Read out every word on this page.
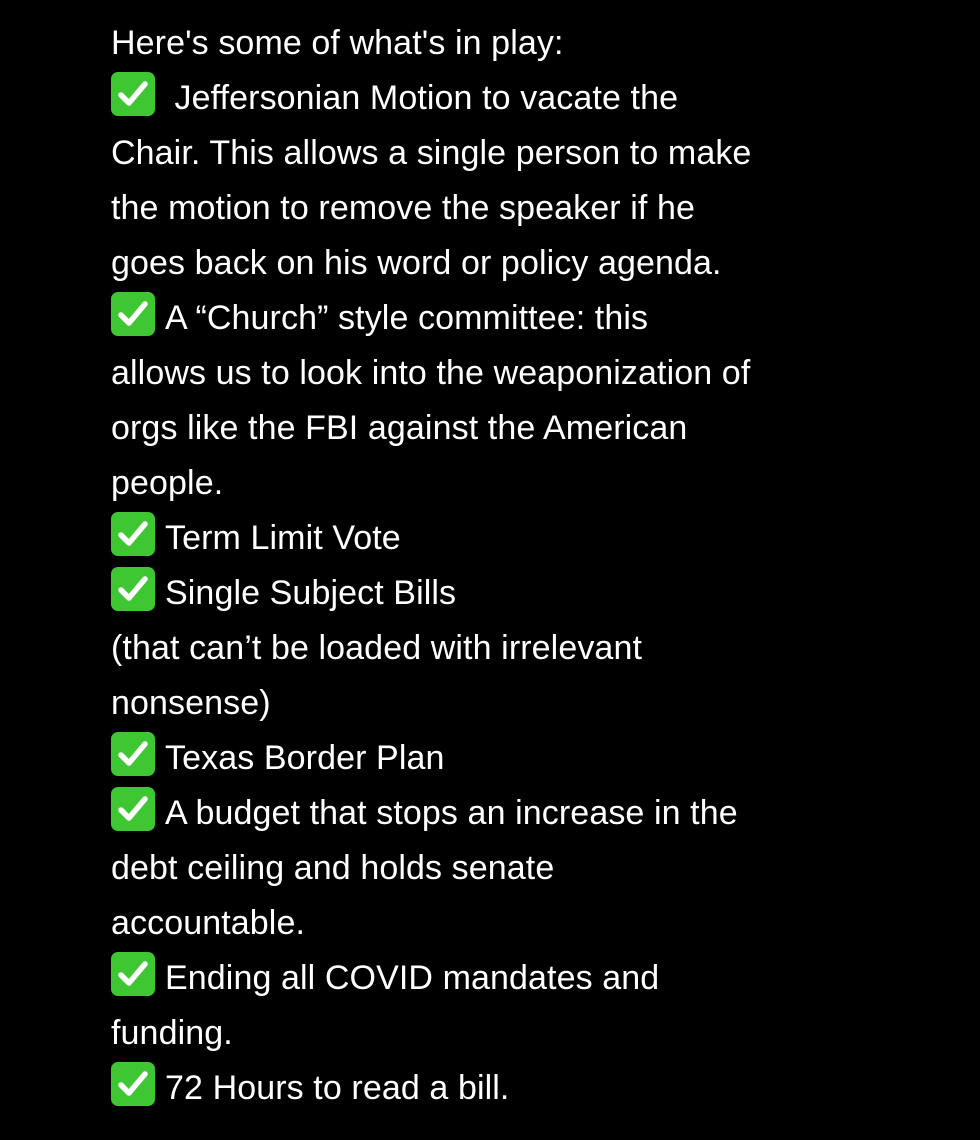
Here's some of what's in play:
Jeffersonian Motion to vacate the
Chair. This allows a single person to make
the motion to remove the speaker if he
goes back on his word or policy agenda.
A “Church” style committee: this
allows us to look into the weaponization of
orgs like the FBI against the American
people.
Term Limit Vote
Single Subject Bills
(that can’t be loaded with irrelevant
nonsense)
Texas Border Plan
A budget that stops an increase in the
debt ceiling and holds senate
accountable.
Ending all COVID mandates and
funding.
72 Hours to read a bill.
